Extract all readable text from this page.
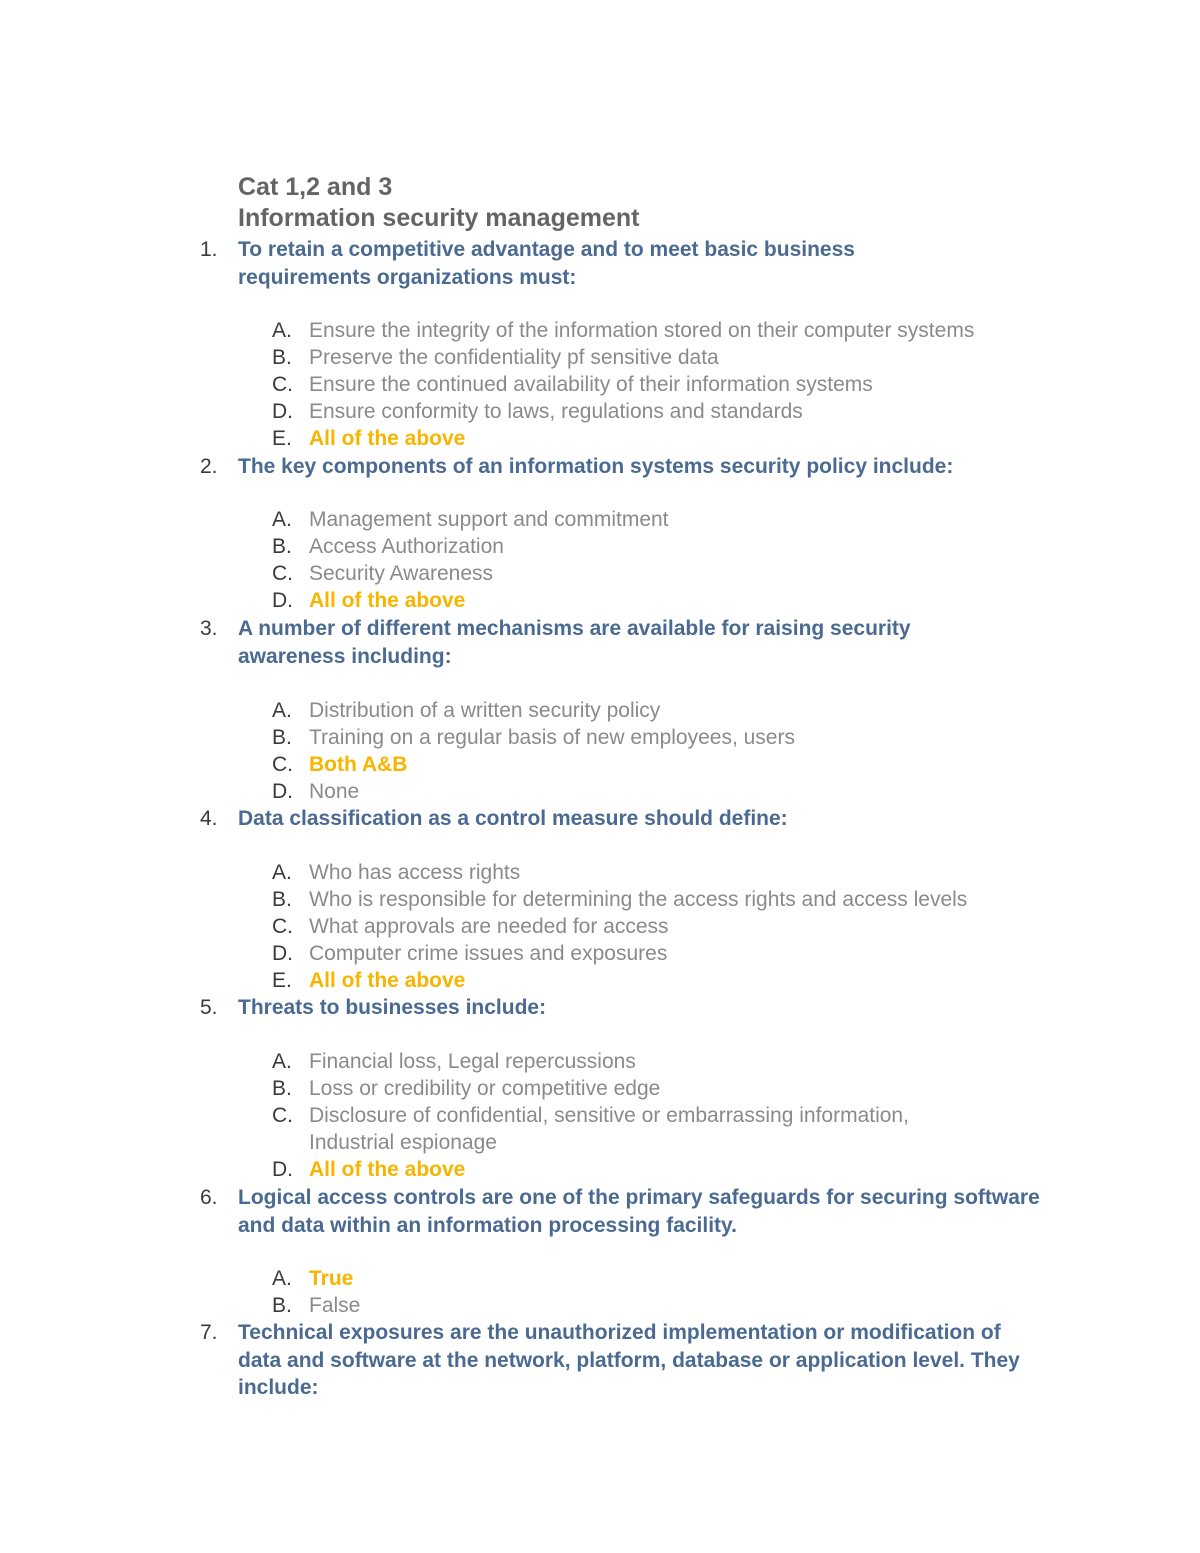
Cat 1,2 and 3
Information security management
1. To retain a competitive advantage and to meet basic business requirements organizations must:
A. Ensure the integrity of the information stored on their computer systems
B. Preserve the confidentiality pf sensitive data
C. Ensure the continued availability of their information systems
D. Ensure conformity to laws, regulations and standards
E. All of the above
2. The key components of an information systems security policy include:
A. Management support and commitment
B. Access Authorization
C. Security Awareness
D. All of the above
3. A number of different mechanisms are available for raising security awareness including:
A. Distribution of a written security policy
B. Training on a regular basis of new employees, users
C. Both A&B
D. None
4. Data classification as a control measure should define:
A. Who has access rights
B. Who is responsible for determining the access rights and access levels
C. What approvals are needed for access
D. Computer crime issues and exposures
E. All of the above
5. Threats to businesses include:
A. Financial loss, Legal repercussions
B. Loss or credibility or competitive edge
C. Disclosure of confidential, sensitive or embarrassing information, Industrial espionage
D. All of the above
6. Logical access controls are one of the primary safeguards for securing software and data within an information processing facility.
A. True
B. False
7. Technical exposures are the unauthorized implementation or modification of data and software at the network, platform, database or application level. They include:
